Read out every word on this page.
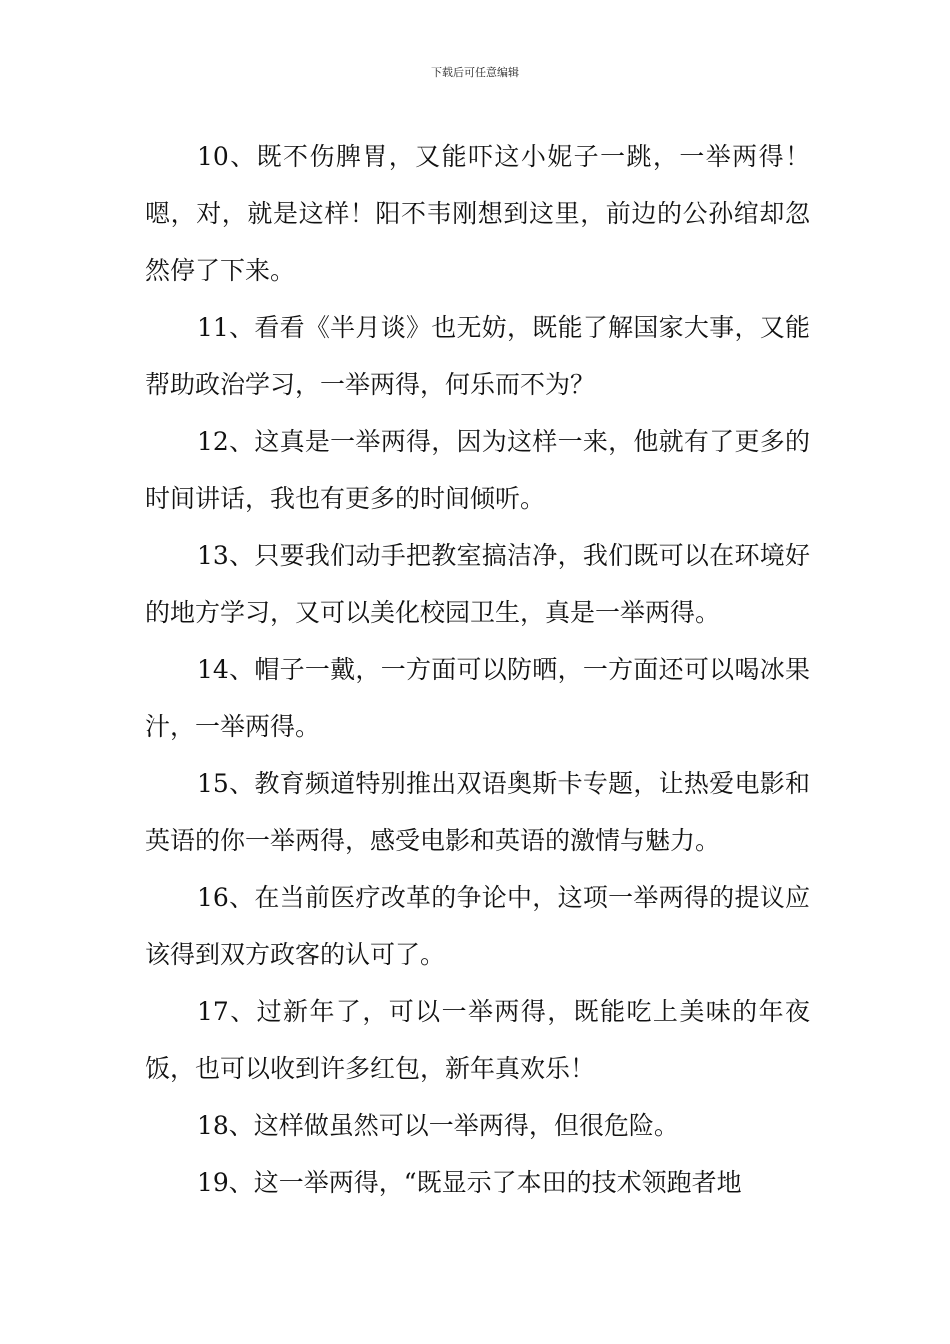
下载后可任意编辑

10、既不伤脾胃，又能吓这小妮子一跳，一举两得！嗯，对，就是这样！阳不韦刚想到这里，前边的公孙绾却忽然停了下来。

11、看看《半月谈》也无妨，既能了解国家大事，又能帮助政治学习，一举两得，何乐而不为？

12、这真是一举两得，因为这样一来，他就有了更多的时间讲话，我也有更多的时间倾听。

13、只要我们动手把教室搞洁净，我们既可以在环境好的地方学习，又可以美化校园卫生，真是一举两得。

14、帽子一戴，一方面可以防晒，一方面还可以喝冰果汁，一举两得。

15、教育频道特别推出双语奥斯卡专题，让热爱电影和英语的你一举两得，感受电影和英语的激情与魅力。

16、在当前医疗改革的争论中，这项一举两得的提议应该得到双方政客的认可了。

17、过新年了，可以一举两得，既能吃上美味的年夜饭，也可以收到许多红包，新年真欢乐！

18、这样做虽然可以一举两得，但很危险。

19、这一举两得，“既显示了本田的技术领跑者地
